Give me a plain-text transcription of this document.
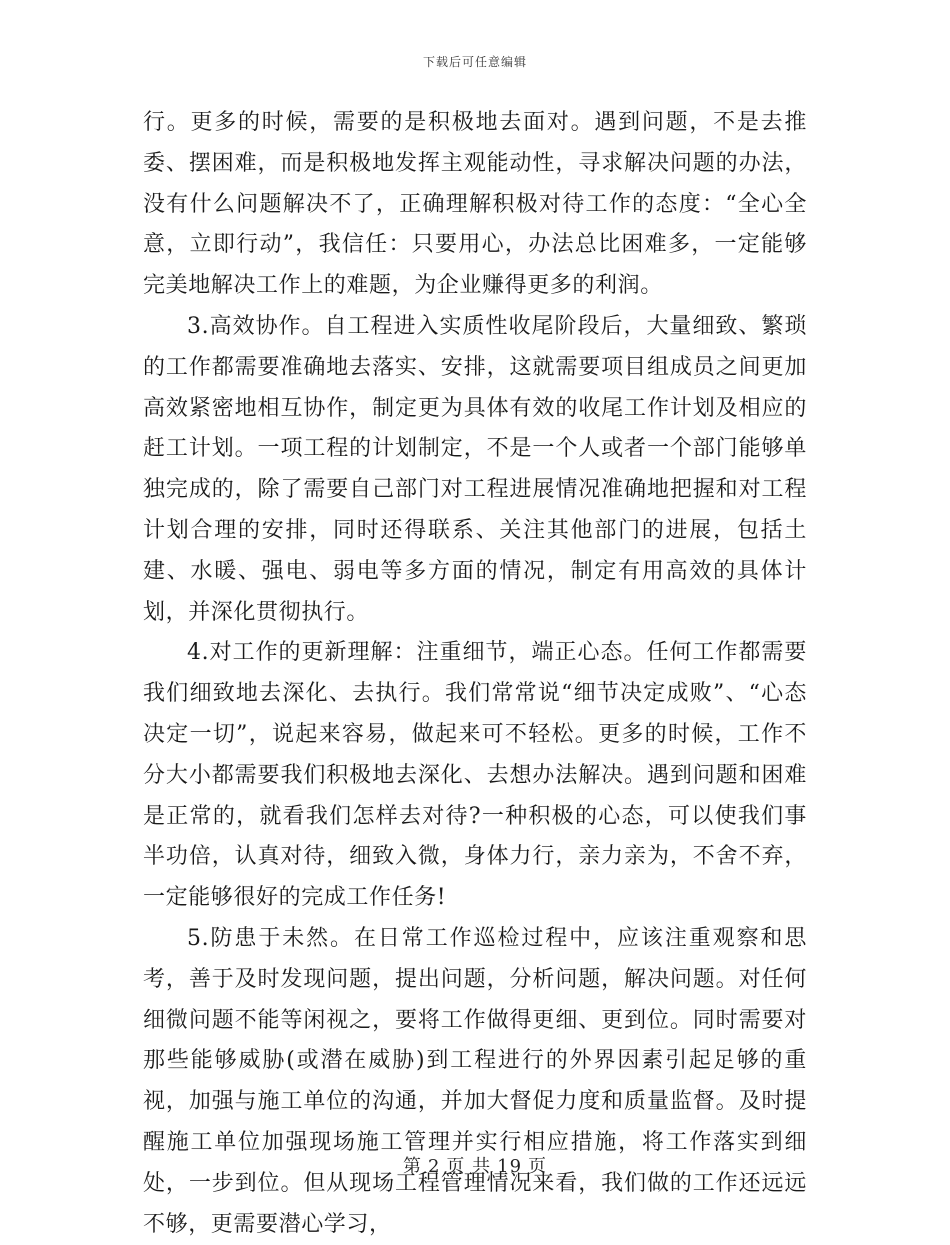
下载后可任意编辑

行。更多的时候，需要的是积极地去面对。遇到问题，不是去推委、摆困难，而是积极地发挥主观能动性，寻求解决问题的办法，没有什么问题解决不了，正确理解积极对待工作的态度：“全心全意，立即行动”，我信任：只要用心，办法总比困难多，一定能够完美地解决工作上的难题，为企业赚得更多的利润。

3.高效协作。自工程进入实质性收尾阶段后，大量细致、繁琐的工作都需要准确地去落实、安排，这就需要项目组成员之间更加高效紧密地相互协作，制定更为具体有效的收尾工作计划及相应的赶工计划。一项工程的计划制定，不是一个人或者一个部门能够单独完成的，除了需要自己部门对工程进展情况准确地把握和对工程计划合理的安排，同时还得联系、关注其他部门的进展，包括土建、水暖、强电、弱电等多方面的情况，制定有用高效的具体计划，并深化贯彻执行。

4.对工作的更新理解：注重细节，端正心态。任何工作都需要我们细致地去深化、去执行。我们常常说“细节决定成败”、“心态决定一切”，说起来容易，做起来可不轻松。更多的时候，工作不分大小都需要我们积极地去深化、去想办法解决。遇到问题和困难是正常的，就看我们怎样去对待?一种积极的心态，可以使我们事半功倍，认真对待，细致入微，身体力行，亲力亲为，不舍不弃，一定能够很好的完成工作任务!

5.防患于未然。在日常工作巡检过程中，应该注重观察和思考，善于及时发现问题，提出问题，分析问题，解决问题。对任何细微问题不能等闲视之，要将工作做得更细、更到位。同时需要对那些能够威胁(或潜在威胁)到工程进行的外界因素引起足够的重视，加强与施工单位的沟通，并加大督促力度和质量监督。及时提醒施工单位加强现场施工管理并实行相应措施，将工作落实到细处，一步到位。但从现场工程管理情况来看，我们做的工作还远远不够，更需要潜心学习，

第 2 页 共 19 页
